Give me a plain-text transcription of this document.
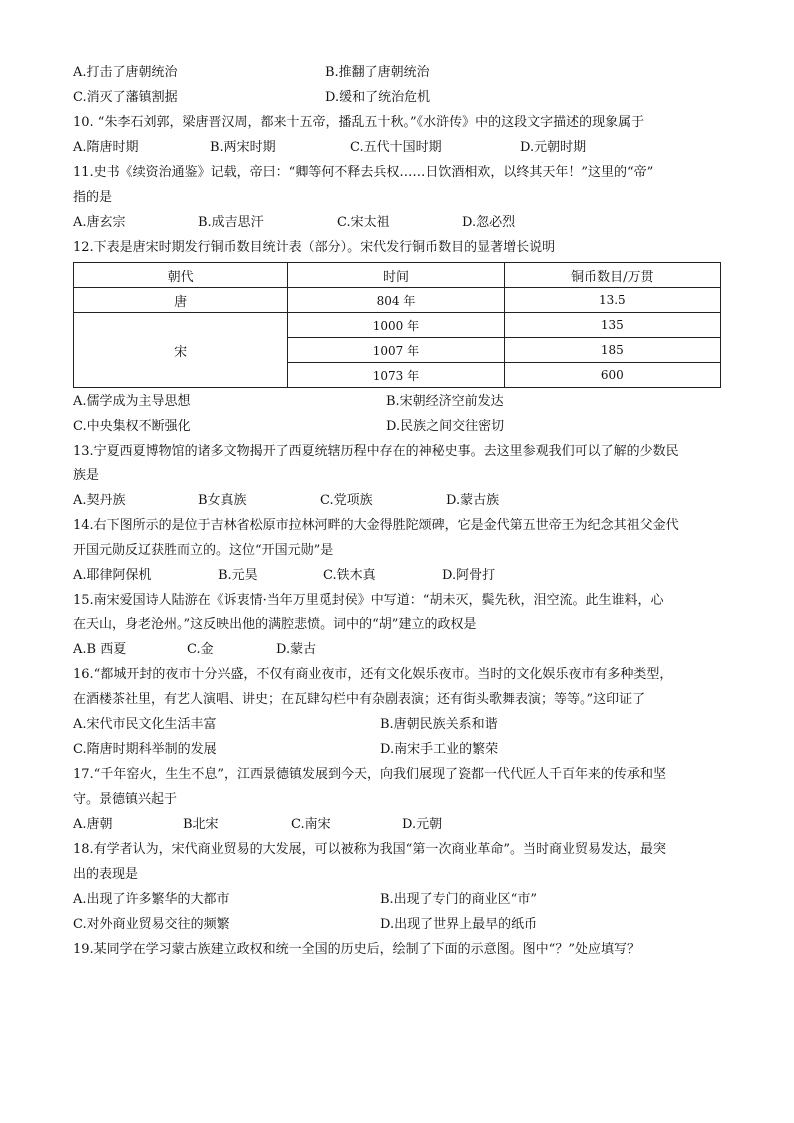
A.打击了唐朝统治	B.推翻了唐朝统治
C.消灭了藩镇割据	D.缓和了统治危机
10. “朱李石刘郭，梁唐晋汉周，都来十五帝，播乱五十秋。”《水浒传》中的这段文字描述的现象属于
A.隋唐时期	B.两宋时期	C.五代十国时期	D.元朝时期
11.史书《续资治通鉴》记载，帝曰：“卿等何不释去兵权……日饮酒相欢，以终其天年！”这里的“帝”
指的是
A.唐玄宗	B.成吉思汗	C.宋太祖	D.忽必烈
12.下表是唐宋时期发行铜币数目统计表（部分）。宋代发行铜币数目的显著增长说明
朝代	时间	铜币数目/万贯
唐	804 年	13.5
宋	1000 年	135
	1007 年	185
	1073 年	600
A.儒学成为主导思想	B.宋朝经济空前发达
C.中央集权不断强化	D.民族之间交往密切
13.宁夏西夏博物馆的诸多文物揭开了西夏统辖历程中存在的神秘史事。去这里参观我们可以了解的少数民
族是
A.契丹族	B女真族	C.党项族	D.蒙古族
14.右下图所示的是位于吉林省松原市拉林河畔的大金得胜陀颂碑，它是金代第五世帝王为纪念其祖父金代
开国元勋反辽获胜而立的。这位“开国元勋”是
A.耶律阿保机	B.元昊	C.铁木真	D.阿骨打
15.南宋爱国诗人陆游在《诉衷情·当年万里觅封侯》中写道：“胡未灭，鬓先秋，泪空流。此生谁料，心
在天山，身老沧州。”这反映出他的满腔悲愤。词中的“胡”建立的政权是
A.B 西夏	C.金	D.蒙古
16.“都城开封的夜市十分兴盛，不仅有商业夜市，还有文化娱乐夜市。当时的文化娱乐夜市有多种类型，
在酒楼茶社里，有艺人演唱、讲史；在瓦肆勾栏中有杂剧表演；还有街头歌舞表演；等等。”这印证了
A.宋代市民文化生活丰富	B.唐朝民族关系和谐
C.隋唐时期科举制的发展	D.南宋手工业的繁荣
17.“千年窑火，生生不息”，江西景德镇发展到今天，向我们展现了瓷都一代代匠人千百年来的传承和坚
守。景德镇兴起于
A.唐朝	B北宋	C.南宋	D.元朝
18.有学者认为，宋代商业贸易的大发展，可以被称为我国“第一次商业革命”。当时商业贸易发达，最突
出的表现是
A.出现了许多繁华的大都市	B.出现了专门的商业区“市”
C.对外商业贸易交往的频繁	D.出现了世界上最早的纸币
19.某同学在学习蒙古族建立政权和统一全国的历史后，绘制了下面的示意图。图中“？”处应填写？
